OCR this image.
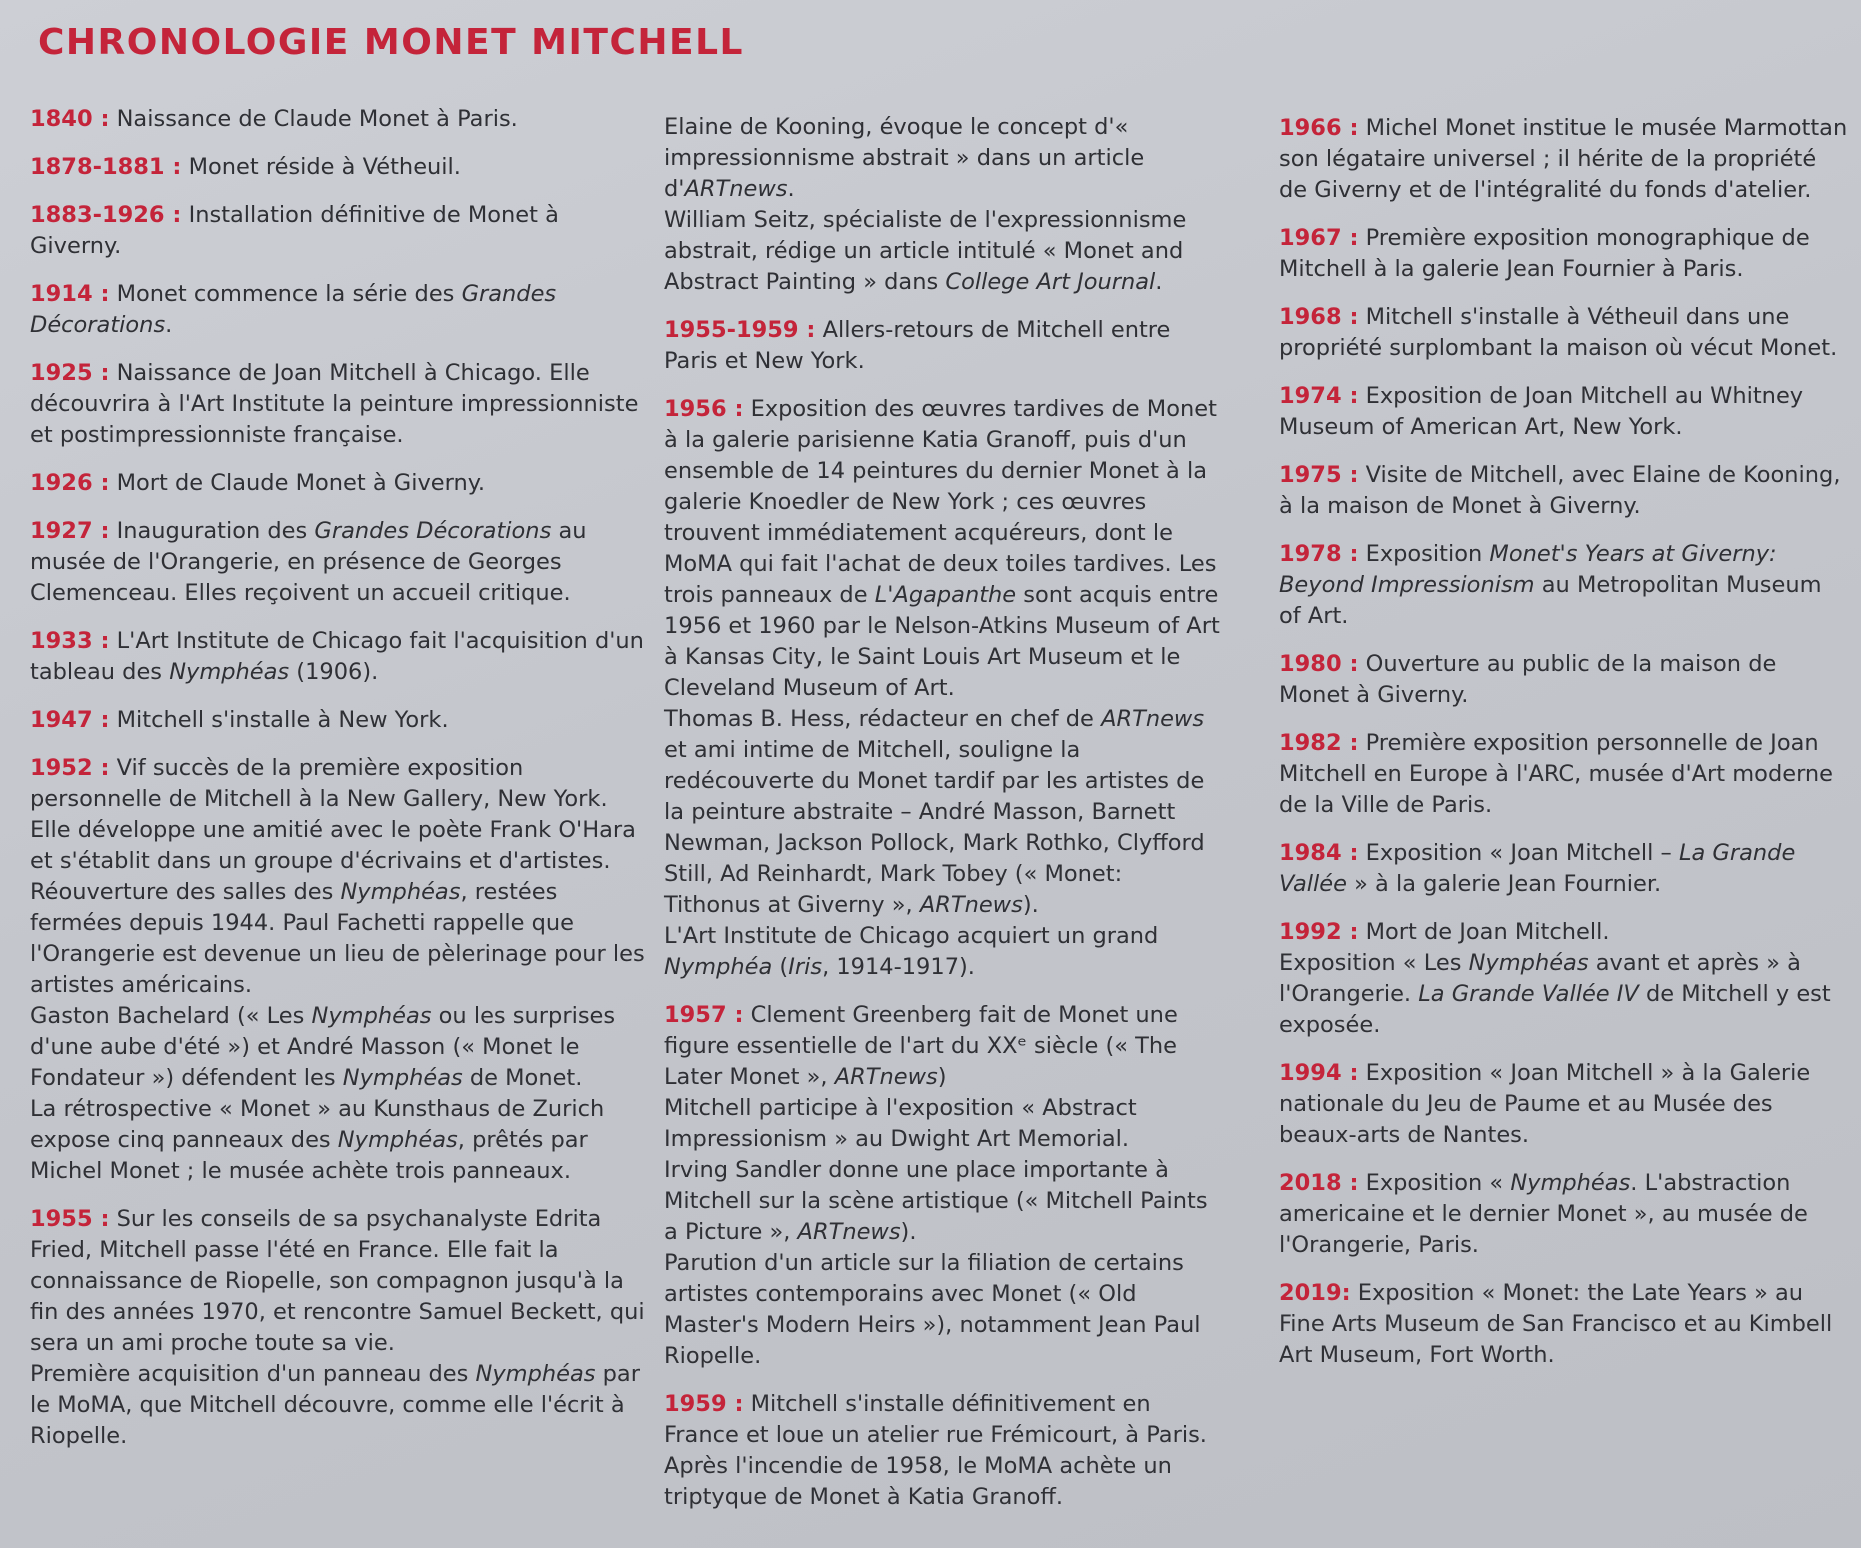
CHRONOLOGIE MONET MITCHELL

1840 : Naissance de Claude Monet à Paris.

1878-1881 : Monet réside à Vétheuil.

1883-1926 : Installation définitive de Monet à Giverny.

1914 : Monet commence la série des Grandes Décorations.

1925 : Naissance de Joan Mitchell à Chicago. Elle découvrira à l'Art Institute la peinture impressionniste et postimpressionniste française.

1926 : Mort de Claude Monet à Giverny.

1927 : Inauguration des Grandes Décorations au musée de l'Orangerie, en présence de Georges Clemenceau. Elles reçoivent un accueil critique.

1933 : L'Art Institute de Chicago fait l'acquisition d'un tableau des Nymphéas (1906).

1947 : Mitchell s'installe à New York.

1952 : Vif succès de la première exposition personnelle de Mitchell à la New Gallery, New York. Elle développe une amitié avec le poète Frank O'Hara et s'établit dans un groupe d'écrivains et d'artistes.
Réouverture des salles des Nymphéas, restées fermées depuis 1944. Paul Fachetti rappelle que l'Orangerie est devenue un lieu de pèlerinage pour les artistes américains.
Gaston Bachelard (« Les Nymphéas ou les surprises d'une aube d'été ») et André Masson (« Monet le Fondateur ») défendent les Nymphéas de Monet.
La rétrospective « Monet » au Kunsthaus de Zurich expose cinq panneaux des Nymphéas, prêtés par Michel Monet ; le musée achète trois panneaux.

1955 : Sur les conseils de sa psychanalyste Edrita Fried, Mitchell passe l'été en France. Elle fait la connaissance de Riopelle, son compagnon jusqu'à la fin des années 1970, et rencontre Samuel Beckett, qui sera un ami proche toute sa vie.
Première acquisition d'un panneau des Nymphéas par le MoMA, que Mitchell découvre, comme elle l'écrit à Riopelle.

Elaine de Kooning, évoque le concept d'« impressionnisme abstrait » dans un article d'ARTnews.
William Seitz, spécialiste de l'expressionnisme abstrait, rédige un article intitulé « Monet and Abstract Painting » dans College Art Journal.

1955-1959 : Allers-retours de Mitchell entre Paris et New York.

1956 : Exposition des œuvres tardives de Monet à la galerie parisienne Katia Granoff, puis d'un ensemble de 14 peintures du dernier Monet à la galerie Knoedler de New York ; ces œuvres trouvent immédiatement acquéreurs, dont le MoMA qui fait l'achat de deux toiles tardives. Les trois panneaux de L'Agapanthe sont acquis entre 1956 et 1960 par le Nelson-Atkins Museum of Art à Kansas City, le Saint Louis Art Museum et le Cleveland Museum of Art.
Thomas B. Hess, rédacteur en chef de ARTnews et ami intime de Mitchell, souligne la redécouverte du Monet tardif par les artistes de la peinture abstraite – André Masson, Barnett Newman, Jackson Pollock, Mark Rothko, Clyfford Still, Ad Reinhardt, Mark Tobey (« Monet: Tithonus at Giverny », ARTnews).
L'Art Institute de Chicago acquiert un grand Nymphéa (Iris, 1914-1917).

1957 : Clement Greenberg fait de Monet une figure essentielle de l'art du XXᵉ siècle (« The Later Monet », ARTnews)
Mitchell participe à l'exposition « Abstract Impressionism » au Dwight Art Memorial.
Irving Sandler donne une place importante à Mitchell sur la scène artistique (« Mitchell Paints a Picture », ARTnews).
Parution d'un article sur la filiation de certains artistes contemporains avec Monet (« Old Master's Modern Heirs »), notamment Jean Paul Riopelle.

1959 : Mitchell s'installe définitivement en France et loue un atelier rue Frémicourt, à Paris.
Après l'incendie de 1958, le MoMA achète un triptyque de Monet à Katia Granoff.

1966 : Michel Monet institue le musée Marmottan son légataire universel ; il hérite de la propriété de Giverny et de l'intégralité du fonds d'atelier.

1967 : Première exposition monographique de Mitchell à la galerie Jean Fournier à Paris.

1968 : Mitchell s'installe à Vétheuil dans une propriété surplombant la maison où vécut Monet.

1974 : Exposition de Joan Mitchell au Whitney Museum of American Art, New York.

1975 : Visite de Mitchell, avec Elaine de Kooning, à la maison de Monet à Giverny.

1978 : Exposition Monet's Years at Giverny: Beyond Impressionism au Metropolitan Museum of Art.

1980 : Ouverture au public de la maison de Monet à Giverny.

1982 : Première exposition personnelle de Joan Mitchell en Europe à l'ARC, musée d'Art moderne de la Ville de Paris.

1984 : Exposition « Joan Mitchell – La Grande Vallée » à la galerie Jean Fournier.

1992 : Mort de Joan Mitchell.
Exposition « Les Nymphéas avant et après » à l'Orangerie. La Grande Vallée IV de Mitchell y est exposée.

1994 : Exposition « Joan Mitchell » à la Galerie nationale du Jeu de Paume et au Musée des beaux-arts de Nantes.

2018 : Exposition « Nymphéas. L'abstraction americaine et le dernier Monet », au musée de l'Orangerie, Paris.

2019: Exposition « Monet: the Late Years » au Fine Arts Museum de San Francisco et au Kimbell Art Museum, Fort Worth.
